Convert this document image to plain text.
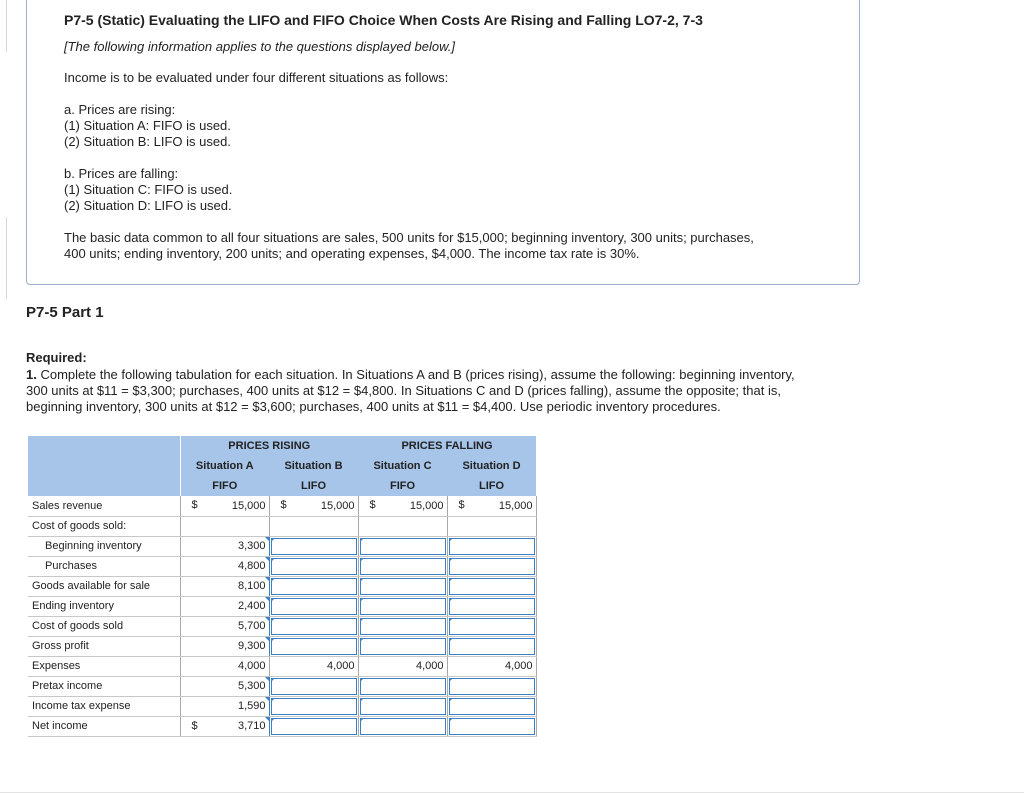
P7-5 (Static) Evaluating the LIFO and FIFO Choice When Costs Are Rising and Falling LO7-2, 7-3
[The following information applies to the questions displayed below.]
Income is to be evaluated under four different situations as follows:
a. Prices are rising:
(1) Situation A: FIFO is used.
(2) Situation B: LIFO is used.
b. Prices are falling:
(1) Situation C: FIFO is used.
(2) Situation D: LIFO is used.
The basic data common to all four situations are sales, 500 units for $15,000; beginning inventory, 300 units; purchases,
400 units; ending inventory, 200 units; and operating expenses, $4,000. The income tax rate is 30%.
P7-5 Part 1
Required:
1. Complete the following tabulation for each situation. In Situations A and B (prices rising), assume the following: beginning inventory,
300 units at $11 = $3,300; purchases, 400 units at $12 = $4,800. In Situations C and D (prices falling), assume the opposite; that is,
beginning inventory, 300 units at $12 = $3,600; purchases, 400 units at $11 = $4,400. Use periodic inventory procedures.
	PRICES RISING		PRICES FALLING	
	Situation A	Situation B	Situation C	Situation D
	FIFO	LIFO	FIFO	LIFO
Sales revenue	$ 15,000	$ 15,000	$ 15,000	$ 15,000
Cost of goods sold:				
Beginning inventory	3,300	

Purchases	4,800	

Goods available for sale	8,100	

Ending inventory	2,400	

Cost of goods sold	5,700	

Gross profit	9,300	

Expenses	4,000	4,000	4,000	4,000
Pretax income	5,300	

Income tax expense	1,590	

Net income	$ 3,710	
